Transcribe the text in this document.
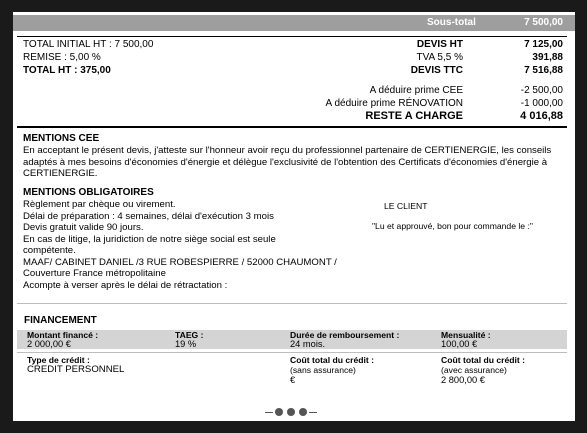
Sous-total	7 500,00
TOTAL INITIAL HT : 7 500,00
REMISE : 5,00 %
TOTAL HT : 375,00
DEVIS HT	7 125,00
TVA 5,5 %	391,88
DEVIS TTC	7 516,88
A déduire prime CEE	-2 500,00
A déduire prime RÉNOVATION	-1 000,00
RESTE A CHARGE	4 016,88
MENTIONS CEE
En acceptant le présent devis, j'atteste sur l'honneur avoir reçu du professionnel partenaire de CERTIENERGIE, les conseils adaptés à mes besoins d'économies d'énergie et délègue l'exclusivité de l'obtention des Certificats d'économies d'énergie à CERTIENERGIE.
MENTIONS OBLIGATOIRES
Règlement par chèque ou virement.
Délai de préparation : 4 semaines, délai d'exécution 3 mois
Devis gratuit valide 90 jours.
En cas de litige, la juridiction de notre siège social est seule
compétente.
MAAF/ CABINET DANIEL /3 RUE ROBESPIERRE / 52000 CHAUMONT /
Couverture France métropolitaine
Acompte à verser après le délai de rétractation :
LE CLIENT
"Lu et approuvé, bon pour commande le :"
FINANCEMENT
Montant financé :
2 000,00 €
TAEG :
19 %
Durée de remboursement :
24 mois.
Mensualité :
100,00 €
Type de crédit :
CREDIT PERSONNEL
Coût total du crédit :
(sans assurance)
€
Coût total du crédit :
(avec assurance)
2 800,00 €
